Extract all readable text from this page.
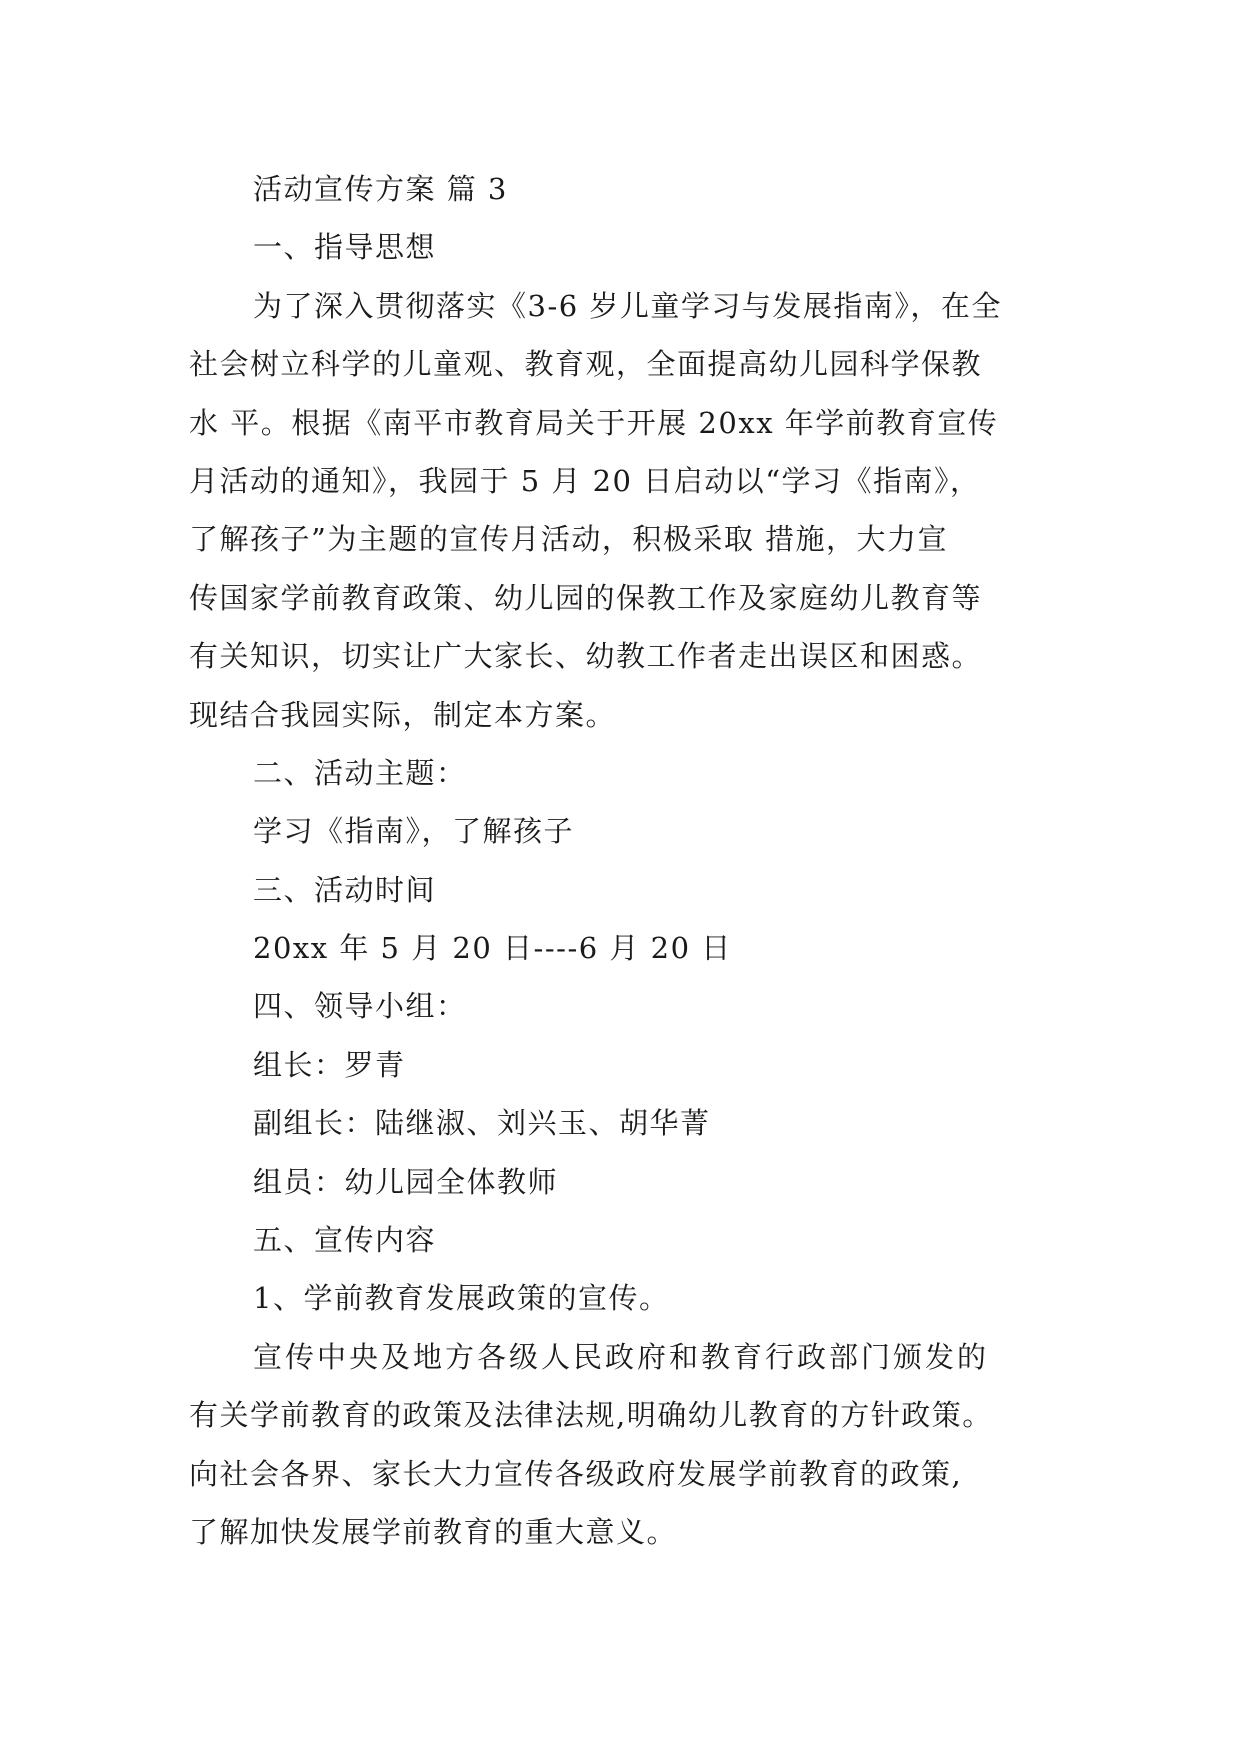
活动宣传方案 篇 3
一、指导思想
为了深入贯彻落实《3-6 岁儿童学习与发展指南》，在全
社会树立科学的儿童观、教育观，全面提高幼儿园科学保教
水 平。根据《南平市教育局关于开展 20xx 年学前教育宣传
月活动的通知》，我园于 5 月 20 日启动以“学习《指南》，
了解孩子”为主题的宣传月活动，积极采取 措施，大力宣
传国家学前教育政策、幼儿园的保教工作及家庭幼儿教育等
有关知识，切实让广大家长、幼教工作者走出误区和困惑。
现结合我园实际，制定本方案。
二、活动主题：
学习《指南》，了解孩子
三、活动时间
20xx 年 5 月 20 日----6 月 20 日
四、领导小组：
组长：罗青
副组长：陆继淑、刘兴玉、胡华菁
组员：幼儿园全体教师
五、宣传内容
1、学前教育发展政策的宣传。
宣传中央及地方各级人民政府和教育行政部门颁发的
有关学前教育的政策及法律法规,明确幼儿教育的方针政策。
向社会各界、家长大力宣传各级政府发展学前教育的政策,
了解加快发展学前教育的重大意义。
